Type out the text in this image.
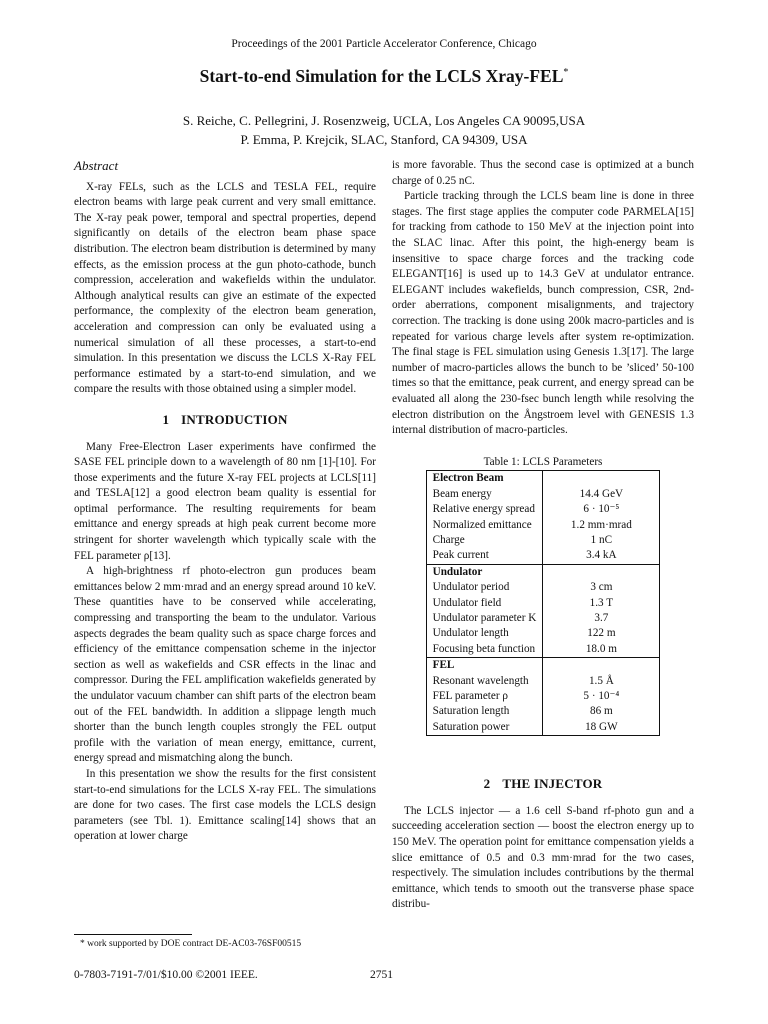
Proceedings of the 2001 Particle Accelerator Conference, Chicago
Start-to-end Simulation for the LCLS Xray-FEL*
S. Reiche, C. Pellegrini, J. Rosenzweig, UCLA, Los Angeles CA 90095,USA
P. Emma, P. Krejcik, SLAC, Stanford, CA 94309, USA
Abstract

X-ray FELs, such as the LCLS and TESLA FEL, require electron beams with large peak current and very small emittance. The X-ray peak power, temporal and spectral properties, depend significantly on details of the electron beam phase space distribution. The electron beam distribution is determined by many effects, as the emission process at the gun photo-cathode, bunch compression, acceleration and wakefields within the undulator. Although analytical results can give an estimate of the expected performance, the complexity of the electron beam generation, acceleration and compression can only be evaluated using a numerical simulation of all these processes, a start-to-end simulation. In this presentation we discuss the LCLS X-Ray FEL performance estimated by a start-to-end simulation, and we compare the results with those obtained using a simpler model.

1 INTRODUCTION

Many Free-Electron Laser experiments have confirmed the SASE FEL principle down to a wavelength of 80 nm [1]-[10]. For those experiments and the future X-ray FEL projects at LCLS[11] and TESLA[12] a good electron beam quality is essential for optimal performance. The resulting requirements for beam emittance and energy spreads at high peak current become more stringent for shorter wavelength which typically scale with the FEL parameter ρ[13].

A high-brightness rf photo-electron gun produces beam emittances below 2 mm·mrad and an energy spread around 10 keV. These quantities have to be conserved while accelerating, compressing and transporting the beam to the undulator. Various aspects degrades the beam quality such as space charge forces and efficiency of the emittance compensation scheme in the injector section as well as wakefields and CSR effects in the linac and compressor. During the FEL amplification wakefields generated by the undulator vacuum chamber can shift parts of the electron beam out of the FEL bandwidth. In addition a slippage length much shorter than the bunch length couples strongly the FEL output profile with the variation of mean energy, emittance, current, energy spread and mismatching along the bunch.

In this presentation we show the results for the first consistent start-to-end simulations for the LCLS X-ray FEL. The simulations are done for two cases. The first case models the LCLS design parameters (see Tbl. 1). Emittance scaling[14] shows that an operation at lower charge

is more favorable. Thus the second case is optimized at a bunch charge of 0.25 nC.

Particle tracking through the LCLS beam line is done in three stages. The first stage applies the computer code PARMELA[15] for tracking from cathode to 150 MeV at the injection point into the SLAC linac. After this point, the high-energy beam is insensitive to space charge forces and the tracking code ELEGANT[16] is used up to 14.3 GeV at undulator entrance. ELEGANT includes wakefields, bunch compression, CSR, 2nd-order aberrations, component misalignments, and trajectory correction. The tracking is done using 200k macro-particles and is repeated for various charge levels after system re-optimization. The final stage is FEL simulation using Genesis 1.3[17]. The large number of macro-particles allows the bunch to be ’sliced’ 50-100 times so that the emittance, peak current, and energy spread can be evaluated all along the 230-fsec bunch length while resolving the electron distribution on the Ångstroem level with GENESIS 1.3 internal distribution of macro-particles.

Table 1: LCLS Parameters
Electron Beam	
Beam energy	14.4 GeV
Relative energy spread	6 · 10⁻⁵
Normalized emittance	1.2 mm·mrad
Charge	1 nC
Peak current	3.4 kA
Undulator	
Undulator period	3 cm
Undulator field	1.3 T
Undulator parameter K	3.7
Undulator length	122 m
Focusing beta function	18.0 m
FEL	
Resonant wavelength	1.5 Å
FEL parameter ρ	5 · 10⁻⁴
Saturation length	86 m
Saturation power	18 GW
2 THE INJECTOR

The LCLS injector — a 1.6 cell S-band rf-photo gun and a succeeding acceleration section — boost the electron energy up to 150 MeV. The operation point for emittance compensation yields a slice emittance of 0.5 and 0.3 mm·mrad for the two cases, respectively. The simulation includes contributions by the thermal emittance, which tends to smooth out the transverse phase space distribu-

* work supported by DOE contract DE-AC03-76SF00515
0-7803-7191-7/01/$10.00 ©2001 IEEE.	2751
